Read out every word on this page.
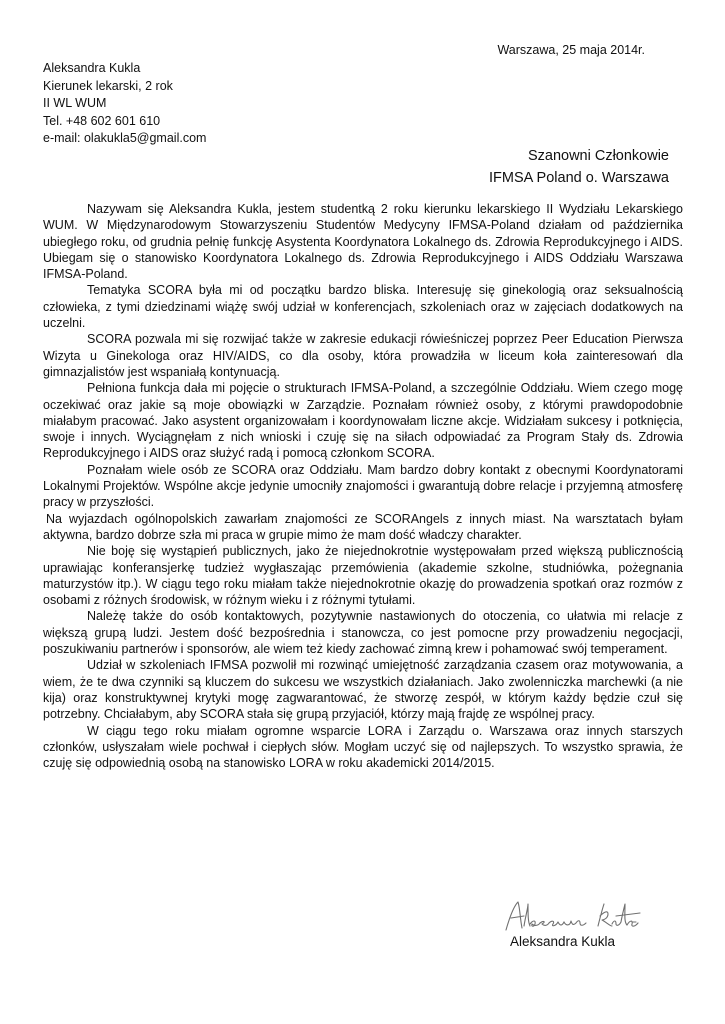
Warszawa, 25 maja 2014r.
Aleksandra Kukla
Kierunek lekarski, 2 rok
II WL WUM
Tel. +48 602 601 610
e-mail: olakukla5@gmail.com
Szanowni Członkowie
IFMSA Poland o. Warszawa

Nazywam się Aleksandra Kukla, jestem studentką 2 roku kierunku lekarskiego II Wydziału Lekarskiego WUM. W Międzynarodowym Stowarzyszeniu Studentów Medycyny IFMSA-Poland działam od października ubiegłego roku, od grudnia pełnię funkcję Asystenta Koordynatora Lokalnego ds. Zdrowia Reprodukcyjnego i AIDS. Ubiegam się o stanowisko Koordynatora Lokalnego ds. Zdrowia Reprodukcyjnego i AIDS Oddziału Warszawa IFMSA-Poland.

Tematyka SCORA była mi od początku bardzo bliska. Interesuję się ginekologią oraz seksualnością człowieka, z tymi dziedzinami wiążę swój udział w konferencjach, szkoleniach oraz w zajęciach dodatkowych na uczelni.

SCORA pozwala mi się rozwijać także w zakresie edukacji rówieśniczej poprzez Peer Education Pierwsza Wizyta u Ginekologa oraz HIV/AIDS, co dla osoby, która prowadziła w liceum koła zainteresowań dla gimnazjalistów jest wspaniałą kontynuacją.

Pełniona funkcja dała mi pojęcie o strukturach IFMSA-Poland, a szczególnie Oddziału. Wiem czego mogę oczekiwać oraz jakie są moje obowiązki w Zarządzie. Poznałam również osoby, z którymi prawdopodobnie miałabym pracować. Jako asystent organizowałam i koordynowałam liczne akcje. Widziałam sukcesy i potknięcia, swoje i innych. Wyciągnęłam z nich wnioski i czuję się na siłach odpowiadać za Program Stały ds. Zdrowia Reprodukcyjnego i AIDS oraz służyć radą i pomocą członkom SCORA.

Poznałam wiele osób ze SCORA oraz Oddziału. Mam bardzo dobry kontakt z obecnymi Koordynatorami Lokalnymi Projektów. Wspólne akcje jedynie umocniły znajomości i gwarantują dobre relacje i przyjemną atmosferę pracy w przyszłości.

Na wyjazdach ogólnopolskich zawarłam znajomości ze SCORAngels z innych miast. Na warsztatach byłam aktywna, bardzo dobrze szła mi praca w grupie mimo że mam dość władczy charakter.

Nie boję się wystąpień publicznych, jako że niejednokrotnie występowałam przed większą publicznością uprawiając konferansjerkę tudzież wygłaszając przemówienia (akademie szkolne, studniówka, pożegnania maturzystów itp.). W ciągu tego roku miałam także niejednokrotnie okazję do prowadzenia spotkań oraz rozmów z osobami z różnych środowisk, w różnym wieku i z różnymi tytułami.

Należę także do osób kontaktowych, pozytywnie nastawionych do otoczenia, co ułatwia mi relacje z większą grupą ludzi. Jestem dość bezpośrednia i stanowcza, co jest pomocne przy prowadzeniu negocjacji, poszukiwaniu partnerów i sponsorów, ale wiem też kiedy zachować zimną krew i pohamować swój temperament.

Udział w szkoleniach IFMSA pozwolił mi rozwinąć umiejętność zarządzania czasem oraz motywowania, a wiem, że te dwa czynniki są kluczem do sukcesu we wszystkich działaniach. Jako zwolenniczka marchewki (a nie kija) oraz konstruktywnej krytyki mogę zagwarantować, że stworzę zespół, w którym każdy będzie czuł się potrzebny. Chciałabym, aby SCORA stała się grupą przyjaciół, którzy mają frajdę ze wspólnej pracy.

W ciągu tego roku miałam ogromne wsparcie LORA i Zarządu o. Warszawa oraz innych starszych członków, usłyszałam wiele pochwał i ciepłych słów. Mogłam uczyć się od najlepszych. To wszystko sprawia, że czuję się odpowiednią osobą na stanowisko LORA w roku akademicki 2014/2015.

Aleksandra Kukla
